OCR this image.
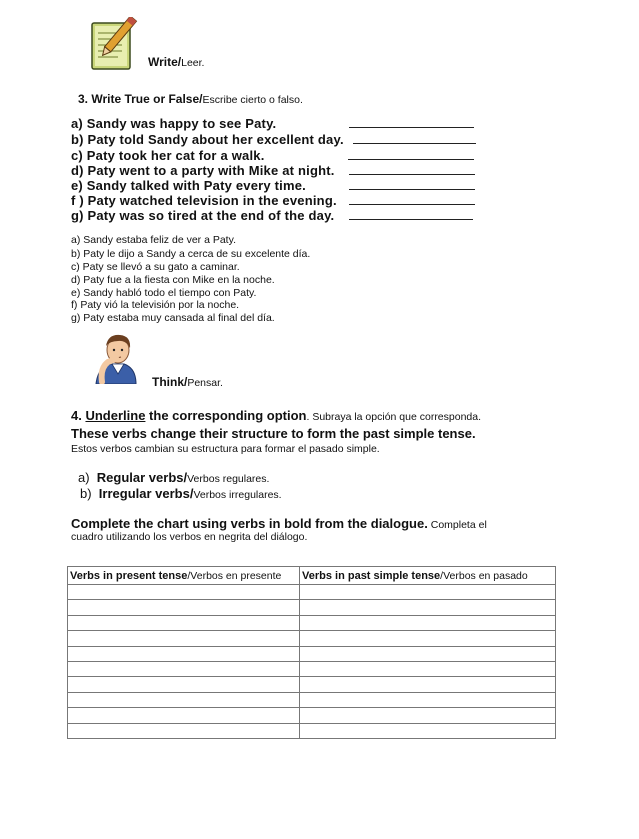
Write/Leer.
3. Write True or False/Escribe cierto o falso.
a) Sandy was happy to see Paty.
b) Paty told Sandy about her excellent day.
c) Paty took her cat for a walk.
d) Paty went to a party with Mike at night.
e) Sandy talked with Paty every time.
f ) Paty watched television in the evening.
g) Paty was so tired at the end of the day.
a) Sandy estaba feliz de ver a Paty.
b) Paty le dijo a Sandy a cerca de su excelente día.
c) Paty se llevó a su gato a caminar.
d) Paty fue a la fiesta con Mike en la noche.
e) Sandy habló todo el tiempo con Paty.
f) Paty vió la televisión por la noche.
g) Paty estaba muy cansada al final del día.
Think/Pensar.
4. Underline the corresponding option. Subraya la opción que corresponda.
These verbs change their structure to form the past simple tense.
Estos verbos cambian su estructura para formar el pasado simple.
a) Regular verbs/Verbos regulares.
b) Irregular verbs/Verbos irregulares.
Complete the chart using verbs in bold from the dialogue. Completa el
cuadro utilizando los verbos en negrita del diálogo.
Verbs in present tense/Verbos en presente	Verbs in past simple tense/Verbos en pasado
